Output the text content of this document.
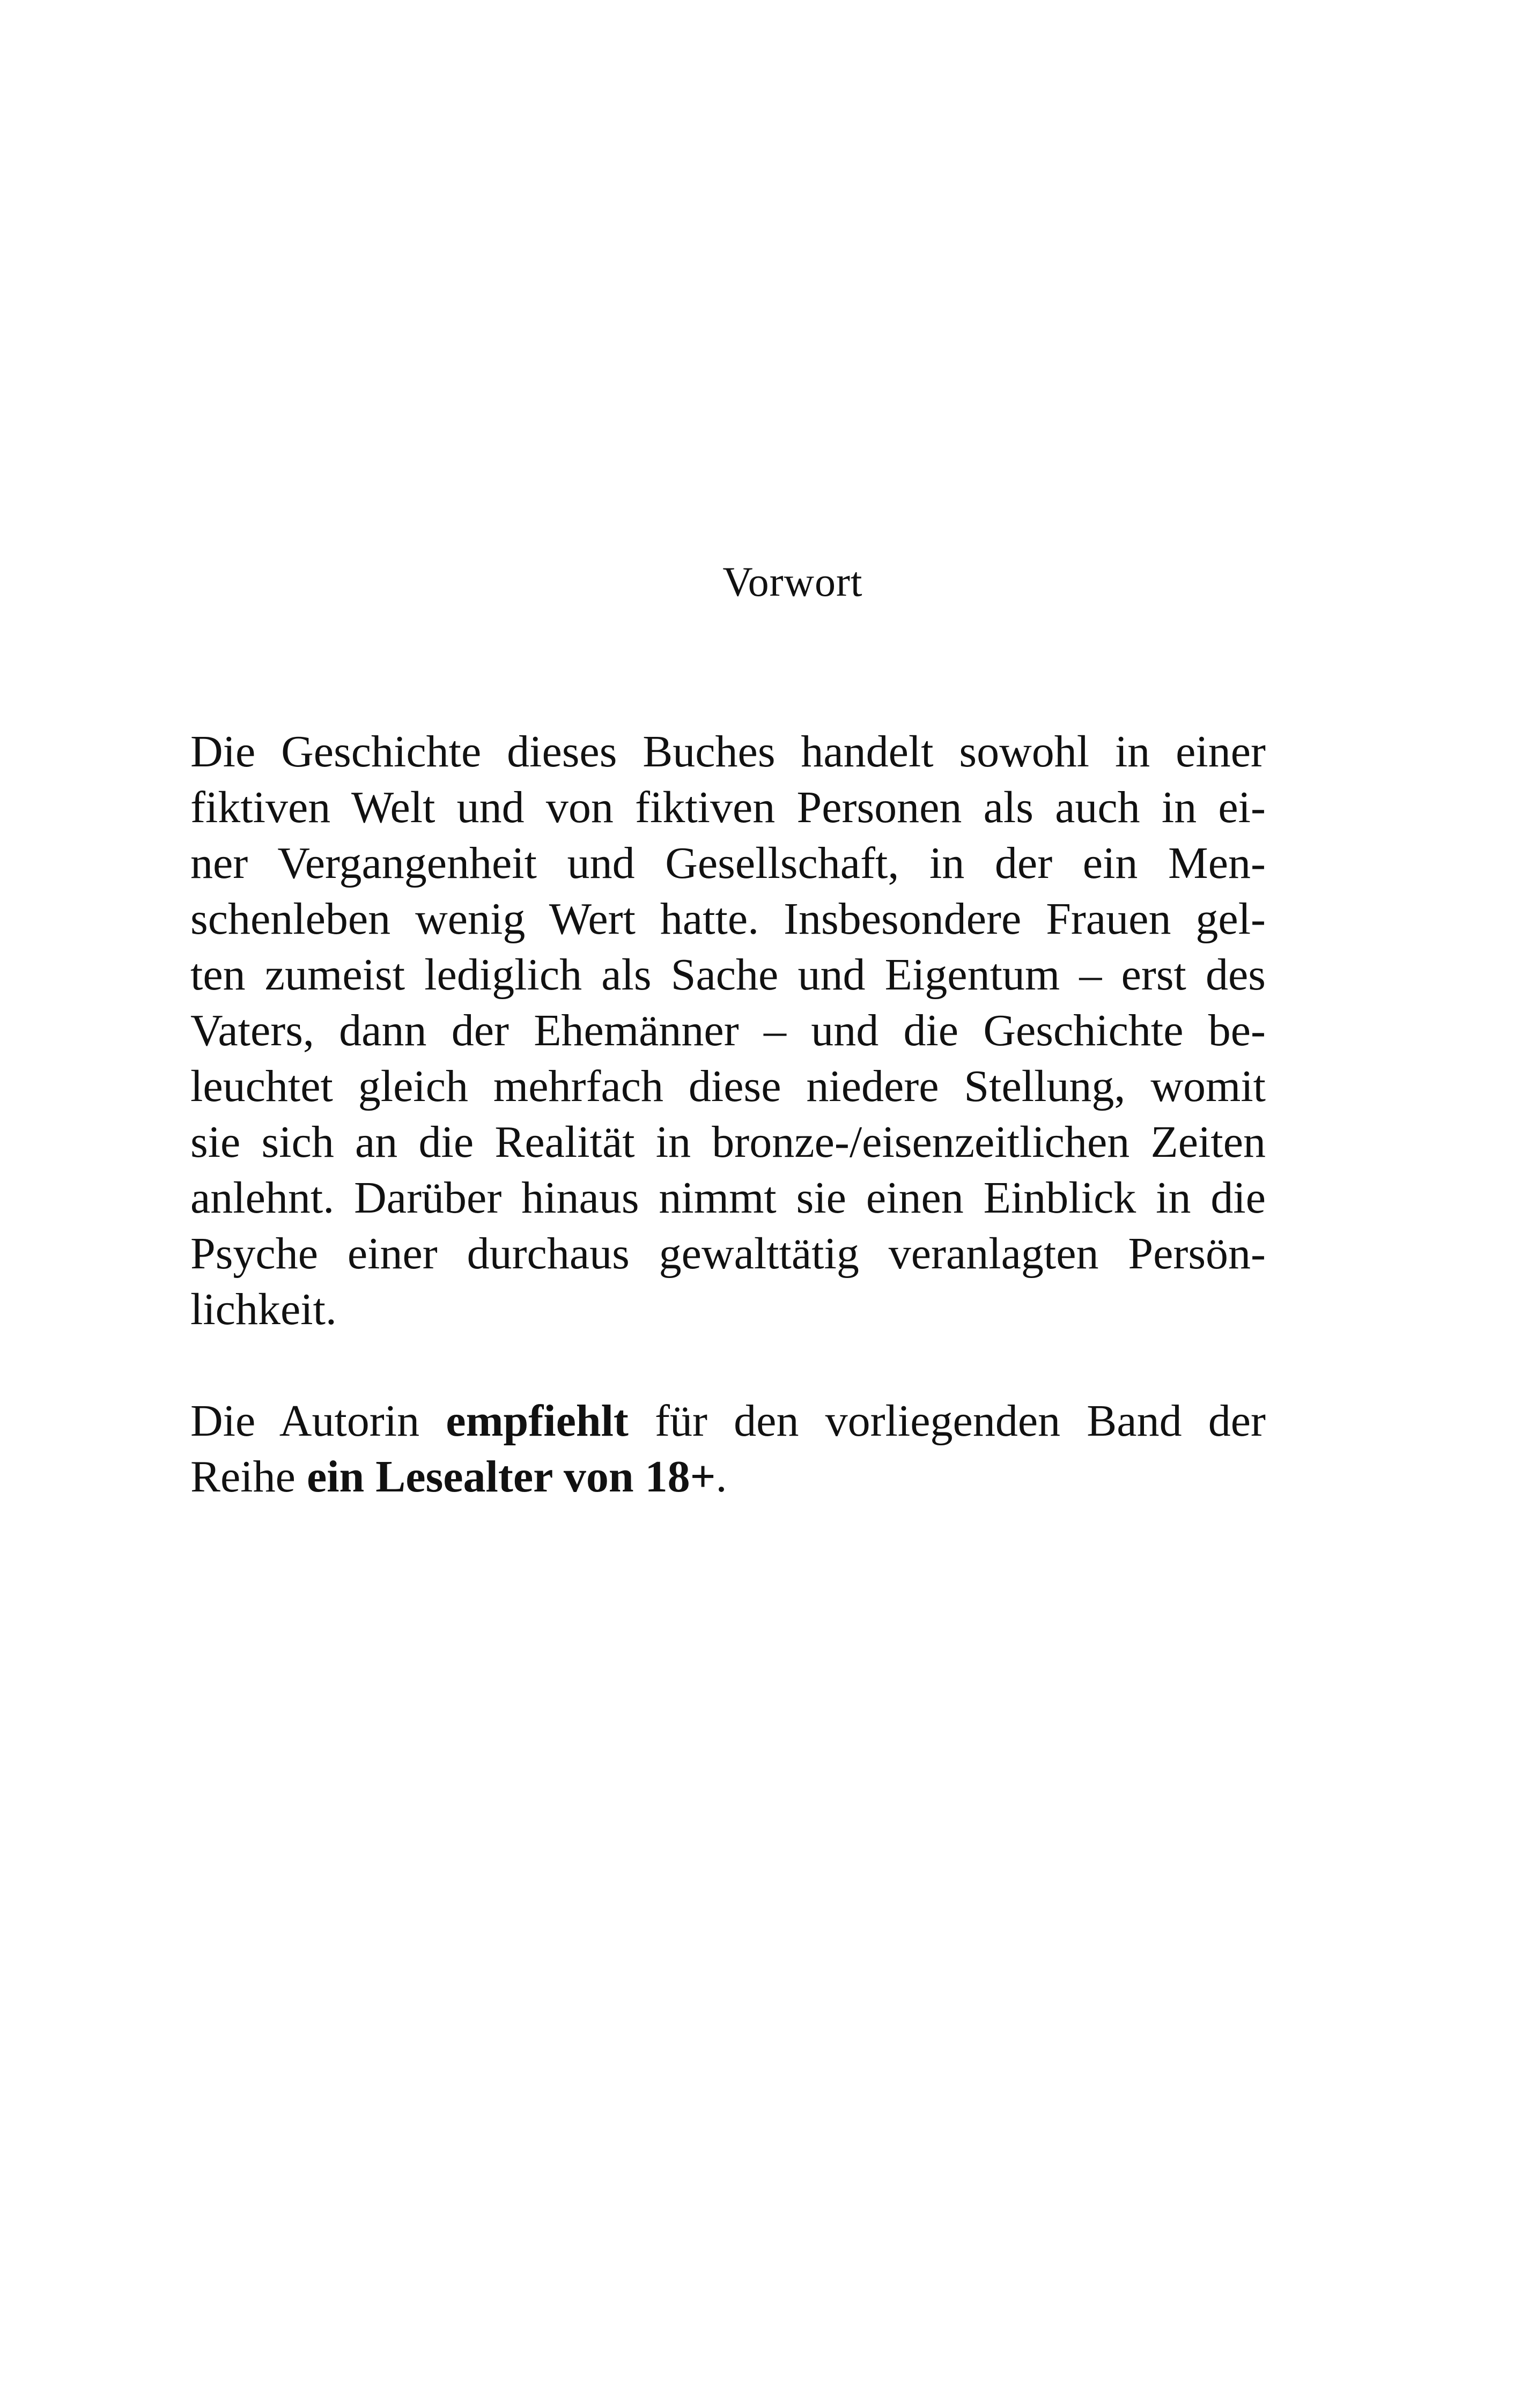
Vorwort
Die Geschichte dieses Buches handelt sowohl in einer
fiktiven Welt und von fiktiven Personen als auch in ei-
ner Vergangenheit und Gesellschaft, in der ein Men-
schenleben wenig Wert hatte. Insbesondere Frauen gel-
ten zumeist lediglich als Sache und Eigentum – erst des
Vaters, dann der Ehemänner – und die Geschichte be-
leuchtet gleich mehrfach diese niedere Stellung, womit
sie sich an die Realität in bronze-/eisenzeitlichen Zeiten
anlehnt. Darüber hinaus nimmt sie einen Einblick in die
Psyche einer durchaus gewalttätig veranlagten Persön-
lichkeit.
Die Autorin empfiehlt für den vorliegenden Band der
Reihe ein Lesealter von 18+.
